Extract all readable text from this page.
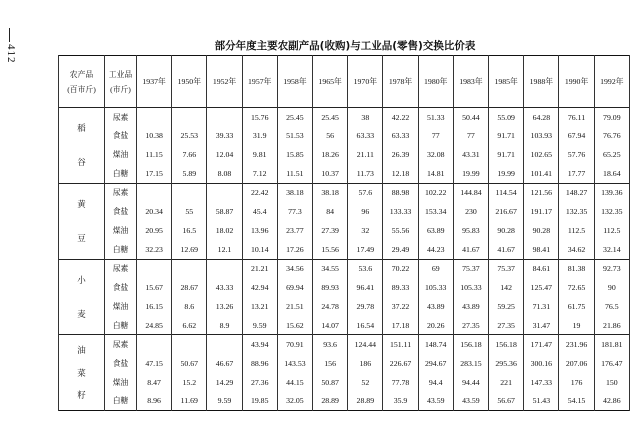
412	部分年度主要农副产品(收购)与工业品(零售)交换比价表
农产品
(百市斤)	工业品
(市斤)	1937年	1950年	1952年	1957年	1958年	1965年	1970年	1978年	1980年	1983年	1985年	1988年	1990年	1992年

稻
谷	尿素				15.76	25.45	25.45	38	42.22	51.33	50.44	55.09	64.28	76.11	79.09
	食盐	10.38	25.53	39.33	31.9	51.53	56	63.33	63.33	77	77	91.71	103.93	67.94	76.76
	煤油	11.15	7.66	12.04	9.81	15.85	18.26	21.11	26.39	32.08	43.31	91.71	102.65	57.76	65.25
	白糖	17.15	5.89	8.08	7.12	11.51	10.37	11.73	12.18	14.81	19.99	19.99	101.41	17.77	18.64

黄
豆	尿素				22.42	38.18	38.18	57.6	88.98	102.22	144.84	114.54	121.56	148.27	139.36
	食盐	20.34	55	58.87	45.4	77.3	84	96	133.33	153.34	230	216.67	191.17	132.35	132.35
	煤油	20.95	16.5	18.02	13.96	23.77	27.39	32	55.56	63.89	95.83	90.28	90.28	112.5	112.5
	白糖	32.23	12.69	12.1	10.14	17.26	15.56	17.49	29.49	44.23	41.67	41.67	98.41	34.62	32.14

小
麦	尿素				21.21	34.56	34.55	53.6	70.22	69	75.37	75.37	84.61	81.38	92.73
	食盐	15.67	28.67	43.33	42.94	69.94	89.93	96.41	89.33	105.33	105.33	142	125.47	72.65	90
	煤油	16.15	8.6	13.26	13.21	21.51	24.78	29.78	37.22	43.89	43.89	59.25	71.31	61.75	76.5
	白糖	24.85	6.62	8.9	9.59	15.62	14.07	16.54	17.18	20.26	27.35	27.35	31.47	19	21.86

油
菜
籽	尿素				43.94	70.91	93.6	124.44	151.11	148.74	156.18	156.18	171.47	231.96	181.81
	食盐	47.15	50.67	46.67	88.96	143.53	156	186	226.67	294.67	283.15	295.36	300.16	207.06	176.47
	煤油	8.47	15.2	14.29	27.36	44.15	50.87	52	77.78	94.4	94.44	221	147.33	176	150
	白糖	8.96	11.69	9.59	19.85	32.05	28.89	28.89	35.9	43.59	43.59	56.67	51.43	54.15	42.86
